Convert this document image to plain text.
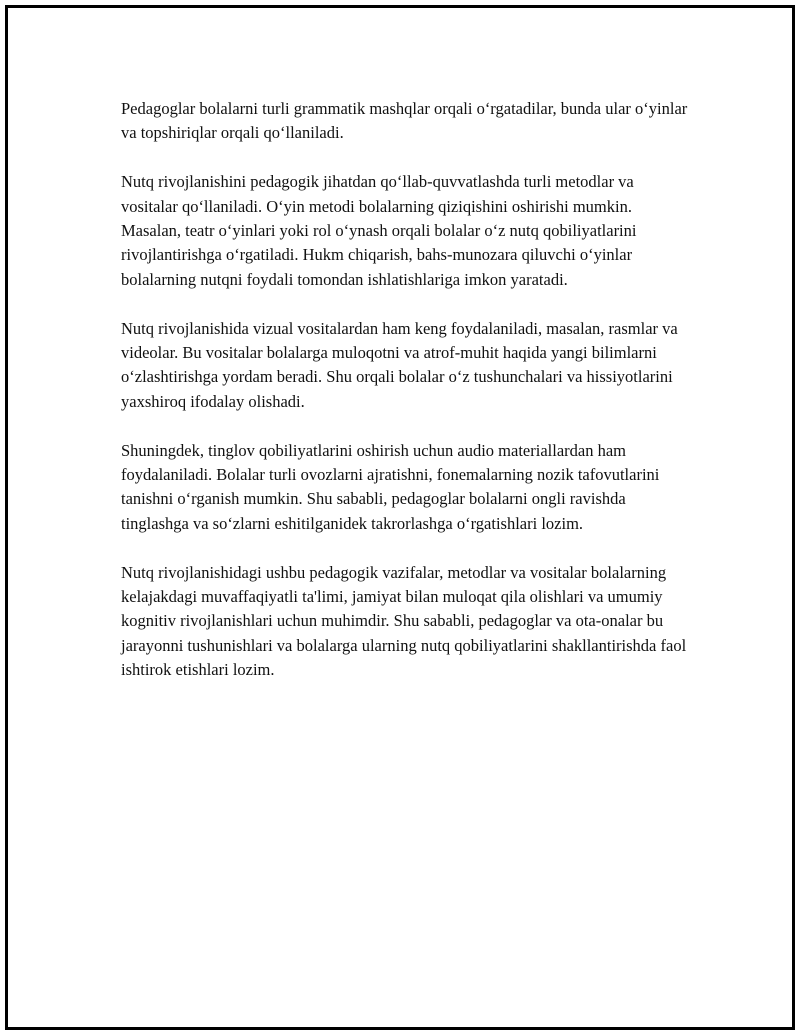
Pedagoglar bolalarni turli grammatik mashqlar orqali o‘rgatadilar, bunda ular o‘yinlar va topshiriqlar orqali qo‘llaniladi.

Nutq rivojlanishini pedagogik jihatdan qo‘llab-quvvatlashda turli metodlar va vositalar qo‘llaniladi. O‘yin metodi bolalarning qiziqishini oshirishi mumkin. Masalan, teatr o‘yinlari yoki rol o‘ynash orqali bolalar o‘z nutq qobiliyatlarini rivojlantirishga o‘rgatiladi. Hukm chiqarish, bahs-munozara qiluvchi o‘yinlar bolalarning nutqni foydali tomondan ishlatishlariga imkon yaratadi.

Nutq rivojlanishida vizual vositalardan ham keng foydalaniladi, masalan, rasmlar va videolar. Bu vositalar bolalarga muloqotni va atrof-muhit haqida yangi bilimlarni o‘zlashtirishga yordam beradi. Shu orqali bolalar o‘z tushunchalari va hissiyotlarini yaxshiroq ifodalay olishadi.

Shuningdek, tinglov qobiliyatlarini oshirish uchun audio materiallardan ham foydalaniladi. Bolalar turli ovozlarni ajratishni, fonemalarning nozik tafovutlarini tanishni o‘rganish mumkin. Shu sababli, pedagoglar bolalarni ongli ravishda tinglashga va so‘zlarni eshitilganidek takrorlashga o‘rgatishlari lozim.

Nutq rivojlanishidagi ushbu pedagogik vazifalar, metodlar va vositalar bolalarning kelajakdagi muvaffaqiyatli ta'limi, jamiyat bilan muloqat qila olishlari va umumiy kognitiv rivojlanishlari uchun muhimdir. Shu sababli, pedagoglar va ota-onalar bu jarayonni tushunishlari va bolalarga ularning nutq qobiliyatlarini shakllantirishda faol ishtirok etishlari lozim.
